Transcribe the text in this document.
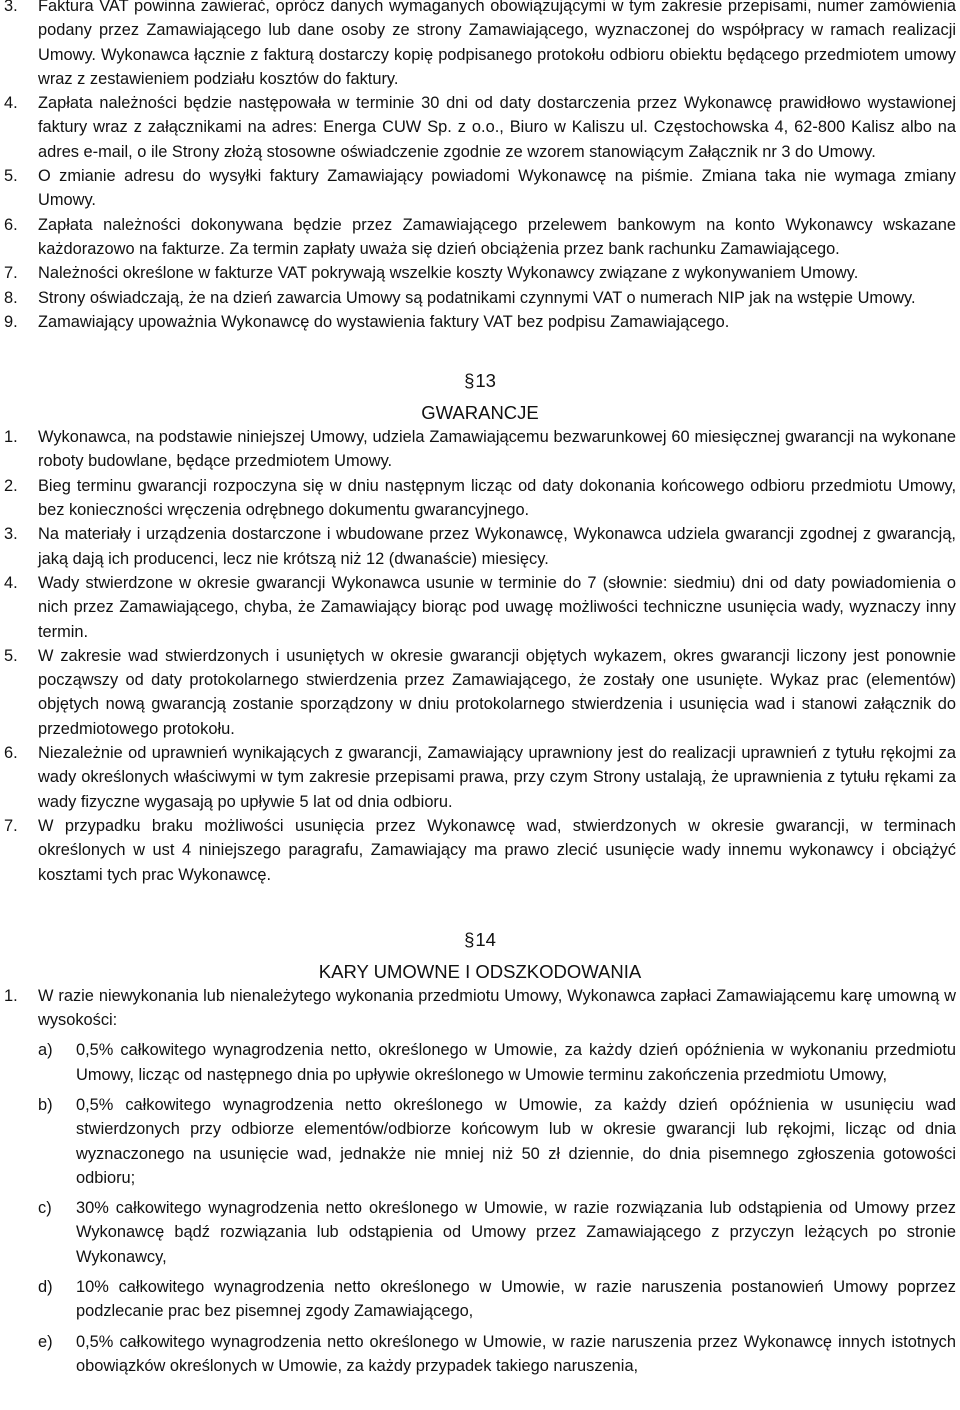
3. Faktura VAT powinna zawierać, oprócz danych wymaganych obowiązującymi w tym zakresie przepisami, numer zamówienia podany przez Zamawiającego lub dane osoby ze strony Zamawiającego, wyznaczonej do współpracy w ramach realizacji Umowy. Wykonawca łącznie z fakturą dostarczy kopię podpisanego protokołu odbioru obiektu będącego przedmiotem umowy wraz z zestawieniem podziału kosztów do faktury.
4. Zapłata należności będzie następowała w terminie 30 dni od daty dostarczenia przez Wykonawcę prawidłowo wystawionej faktury wraz z załącznikami na adres: Energa CUW Sp. z o.o., Biuro w Kaliszu ul. Częstochowska 4, 62-800 Kalisz albo na adres e-mail, o ile Strony złożą stosowne oświadczenie zgodnie ze wzorem stanowiącym Załącznik nr 3 do Umowy.
5. O zmianie adresu do wysyłki faktury Zamawiający powiadomi Wykonawcę na piśmie. Zmiana taka nie wymaga zmiany Umowy.
6. Zapłata należności dokonywana będzie przez Zamawiającego przelewem bankowym na konto Wykonawcy wskazane każdorazowo na fakturze. Za termin zapłaty uważa się dzień obciążenia przez bank rachunku Zamawiającego.
7. Należności określone w fakturze VAT pokrywają wszelkie koszty Wykonawcy związane z wykonywaniem Umowy.
8. Strony oświadczają, że na dzień zawarcia Umowy są podatnikami czynnymi VAT o numerach NIP jak na wstępie Umowy.
9. Zamawiający upoważnia Wykonawcę do wystawienia faktury VAT bez podpisu Zamawiającego.
§13
GWARANCJE
1. Wykonawca, na podstawie niniejszej Umowy, udziela Zamawiającemu bezwarunkowej 60 miesięcznej gwarancji na wykonane roboty budowlane, będące przedmiotem Umowy.
2. Bieg terminu gwarancji rozpoczyna się w dniu następnym licząc od daty dokonania końcowego odbioru przedmiotu Umowy, bez konieczności wręczenia odrębnego dokumentu gwarancyjnego.
3. Na materiały i urządzenia dostarczone i wbudowane przez Wykonawcę, Wykonawca udziela gwarancji zgodnej z gwarancją, jaką dają ich producenci, lecz nie krótszą niż 12 (dwanaście) miesięcy.
4. Wady stwierdzone w okresie gwarancji Wykonawca usunie w terminie do 7 (słownie: siedmiu) dni od daty powiadomienia o nich przez Zamawiającego, chyba, że Zamawiający biorąc pod uwagę możliwości techniczne usunięcia wady, wyznaczy inny termin.
5. W zakresie wad stwierdzonych i usuniętych w okresie gwarancji objętych wykazem, okres gwarancji liczony jest ponownie począwszy od daty protokolarnego stwierdzenia przez Zamawiającego, że zostały one usunięte. Wykaz prac (elementów) objętych nową gwarancją zostanie sporządzony w dniu protokolarnego stwierdzenia i usunięcia wad i stanowi załącznik do przedmiotowego protokołu.
6. Niezależnie od uprawnień wynikających z gwarancji, Zamawiający uprawniony jest do realizacji uprawnień z tytułu rękojmi za wady określonych właściwymi w tym zakresie przepisami prawa, przy czym Strony ustalają, że uprawnienia z tytułu rękami za wady fizyczne wygasają po upływie 5 lat od dnia odbioru.
7. W przypadku braku możliwości usunięcia przez Wykonawcę wad, stwierdzonych w okresie gwarancji, w terminach określonych w ust 4 niniejszego paragrafu, Zamawiający ma prawo zlecić usunięcie wady innemu wykonawcy i obciążyć kosztami tych prac Wykonawcę.
§14
KARY UMOWNE I ODSZKODOWANIA
1. W razie niewykonania lub nienależytego wykonania przedmiotu Umowy, Wykonawca zapłaci Zamawiającemu karę umowną w wysokości:
a) 0,5% całkowitego wynagrodzenia netto, określonego w Umowie, za każdy dzień opóźnienia w wykonaniu przedmiotu Umowy, licząc od następnego dnia po upływie określonego w Umowie terminu zakończenia przedmiotu Umowy,
b) 0,5% całkowitego wynagrodzenia netto określonego w Umowie, za każdy dzień opóźnienia w usunięciu wad stwierdzonych przy odbiorze elementów/odbiorze końcowym lub w okresie gwarancji lub rękojmi, licząc od dnia wyznaczonego na usunięcie wad, jednakże nie mniej niż 50 zł dziennie, do dnia pisemnego zgłoszenia gotowości odbioru;
c) 30% całkowitego wynagrodzenia netto określonego w Umowie, w razie rozwiązania lub odstąpienia od Umowy przez Wykonawcę bądź rozwiązania lub odstąpienia od Umowy przez Zamawiającego z przyczyn leżących po stronie Wykonawcy,
d) 10% całkowitego wynagrodzenia netto określonego w Umowie, w razie naruszenia postanowień Umowy poprzez podzlecanie prac bez pisemnej zgody Zamawiającego,
e) 0,5% całkowitego wynagrodzenia netto określonego w Umowie, w razie naruszenia przez Wykonawcę innych istotnych obowiązków określonych w Umowie, za każdy przypadek takiego naruszenia,
